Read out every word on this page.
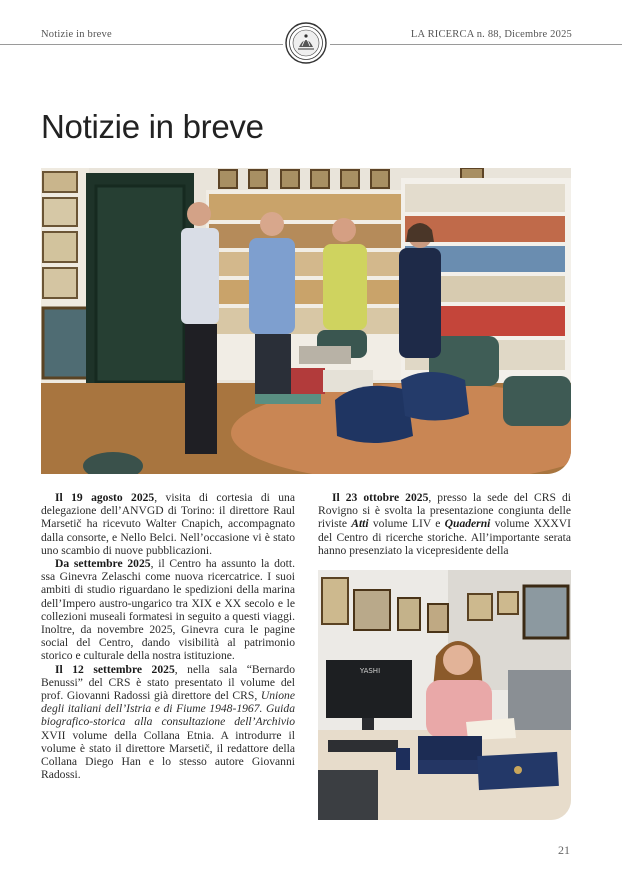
Notizie in breve	LA RICERCA n. 88, Dicembre 2025
Notizie in breve

Il 19 agosto 2025, visita di cortesia di una delegazione dell’ANVGD di Torino: il direttore Raul Marsetič ha ricevuto Walter Cnapich, accompagnato dalla consorte, e Nello Belci. Nell’occasione vi è stato uno scambio di nuove pubblicazioni.

Da settembre 2025, il Centro ha assunto la dott. ssa Ginevra Zelaschi come nuova ricercatrice. I suoi ambiti di studio riguardano le spedizioni della marina dell’Impero austro-ungarico tra XIX e XX secolo e le collezioni museali formatesi in seguito a questi viaggi. Inoltre, da novembre 2025, Ginevra cura le pagine social del Centro, dando visibilità al patrimonio storico e culturale della nostra istituzione.

Il 12 settembre 2025, nella sala “Bernardo Benussi” del CRS è stato presentato il volume del prof. Giovanni Radossi già direttore del CRS, Unione degli italiani dell’Istria e di Fiume 1948-1967. Guida biografico-storica alla consultazione dell’Archivio XVII volume della Collana Etnia. A introdurre il volume è stato il direttore Marsetič, il redattore della Collana Diego Han e lo stesso autore Giovanni Radossi.

Il 23 ottobre 2025, presso la sede del CRS di Rovigno si è svolta la presentazione congiunta delle riviste Atti volume LIV e Quaderni volume XXXVI del Centro di ricerche storiche. All’importante serata hanno presenziato la vicepresidente della

YASHI
21
